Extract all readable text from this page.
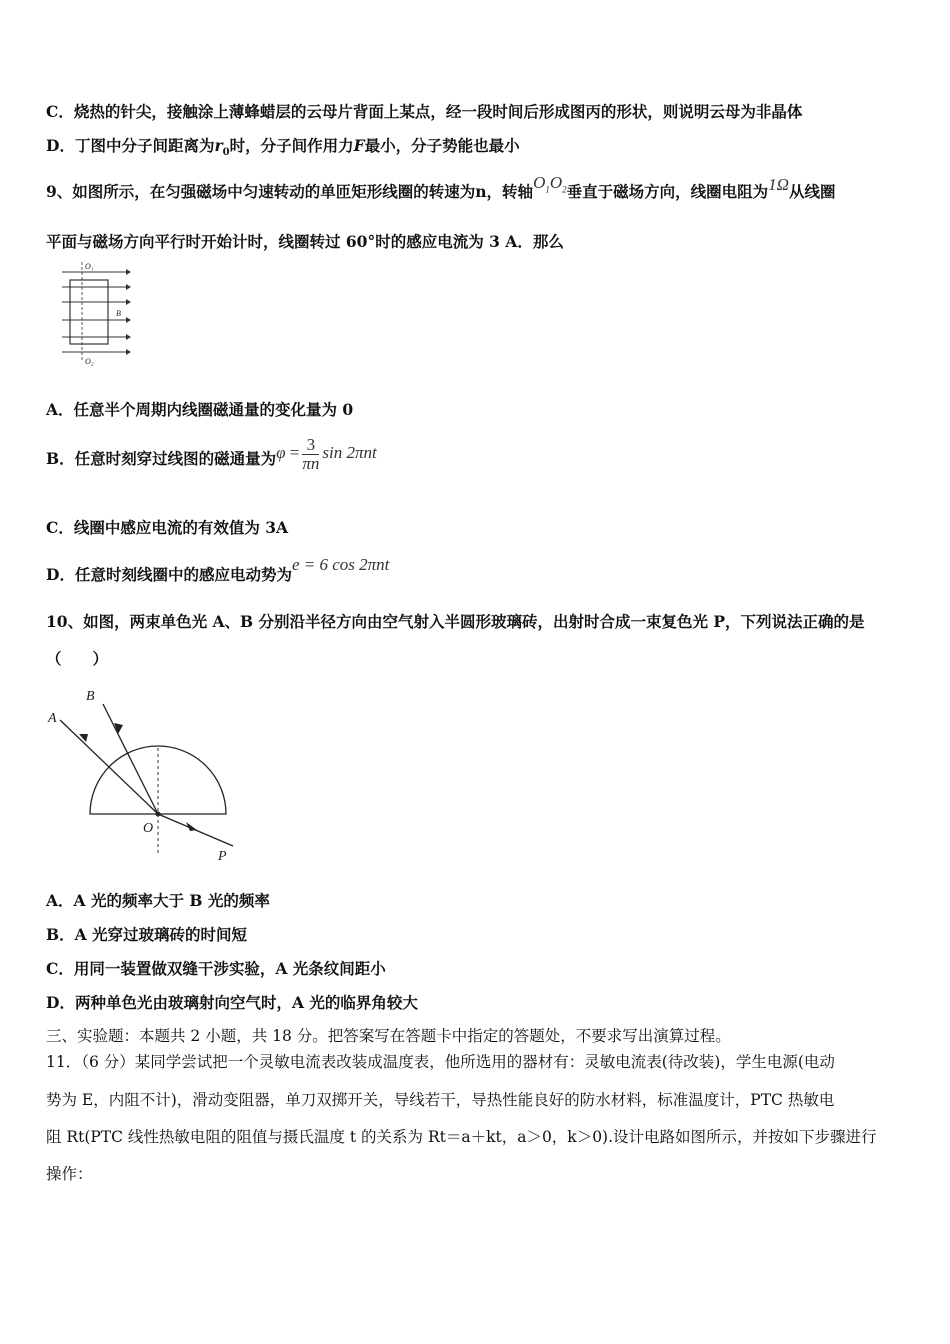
C．烧热的针尖，接触涂上薄蜂蜡层的云母片背面上某点，经一段时间后形成图丙的形状，则说明云母为非晶体
D．丁图中分子间距离为$r_0$时，分子间作用力F最小，分子势能也最小
9、如图所示，在匀强磁场中匀速转动的单匝矩形线圈的转速为n，转轴$O_1O_2$垂直于磁场方向，线圈电阻为1Ω从线圈
平面与磁场方向平行时开始计时，线圈转过 60°时的感应电流为 3 A．那么
O₁
O₂
B
A．任意半个周期内线圈磁通量的变化量为 0
B．任意时刻穿过线图的磁通量为$\varphi = \frac{3}{\pi n}$ sin 2πnt
C．线圈中感应电流的有效值为 3A
D．任意时刻线圈中的感应电动势为e = 6 cos 2πnt
10、如图，两束单色光 A、B 分别沿半径方向由空气射入半圆形玻璃砖，出射时合成一束复色光 P，下列说法正确的是
（　　）
A
B
O
P
A．A 光的频率大于 B 光的频率
B．A 光穿过玻璃砖的时间短
C．用同一装置做双缝干涉实验，A 光条纹间距小
D．两种单色光由玻璃射向空气时，A 光的临界角较大
三、实验题：本题共 2 小题，共 18 分。把答案写在答题卡中指定的答题处，不要求写出演算过程。
11．（6 分）某同学尝试把一个灵敏电流表改装成温度表，他所选用的器材有：灵敏电流表(待改装)，学生电源(电动
势为 E，内阻不计)，滑动变阻器，单刀双掷开关，导线若干，导热性能良好的防水材料，标准温度计，PTC 热敏电
阻 Rt(PTC 线性热敏电阻的阻值与摄氏温度 t 的关系为 Rt＝a＋kt，a＞0，k＞0).设计电路如图所示，并按如下步骤进行
操作：
